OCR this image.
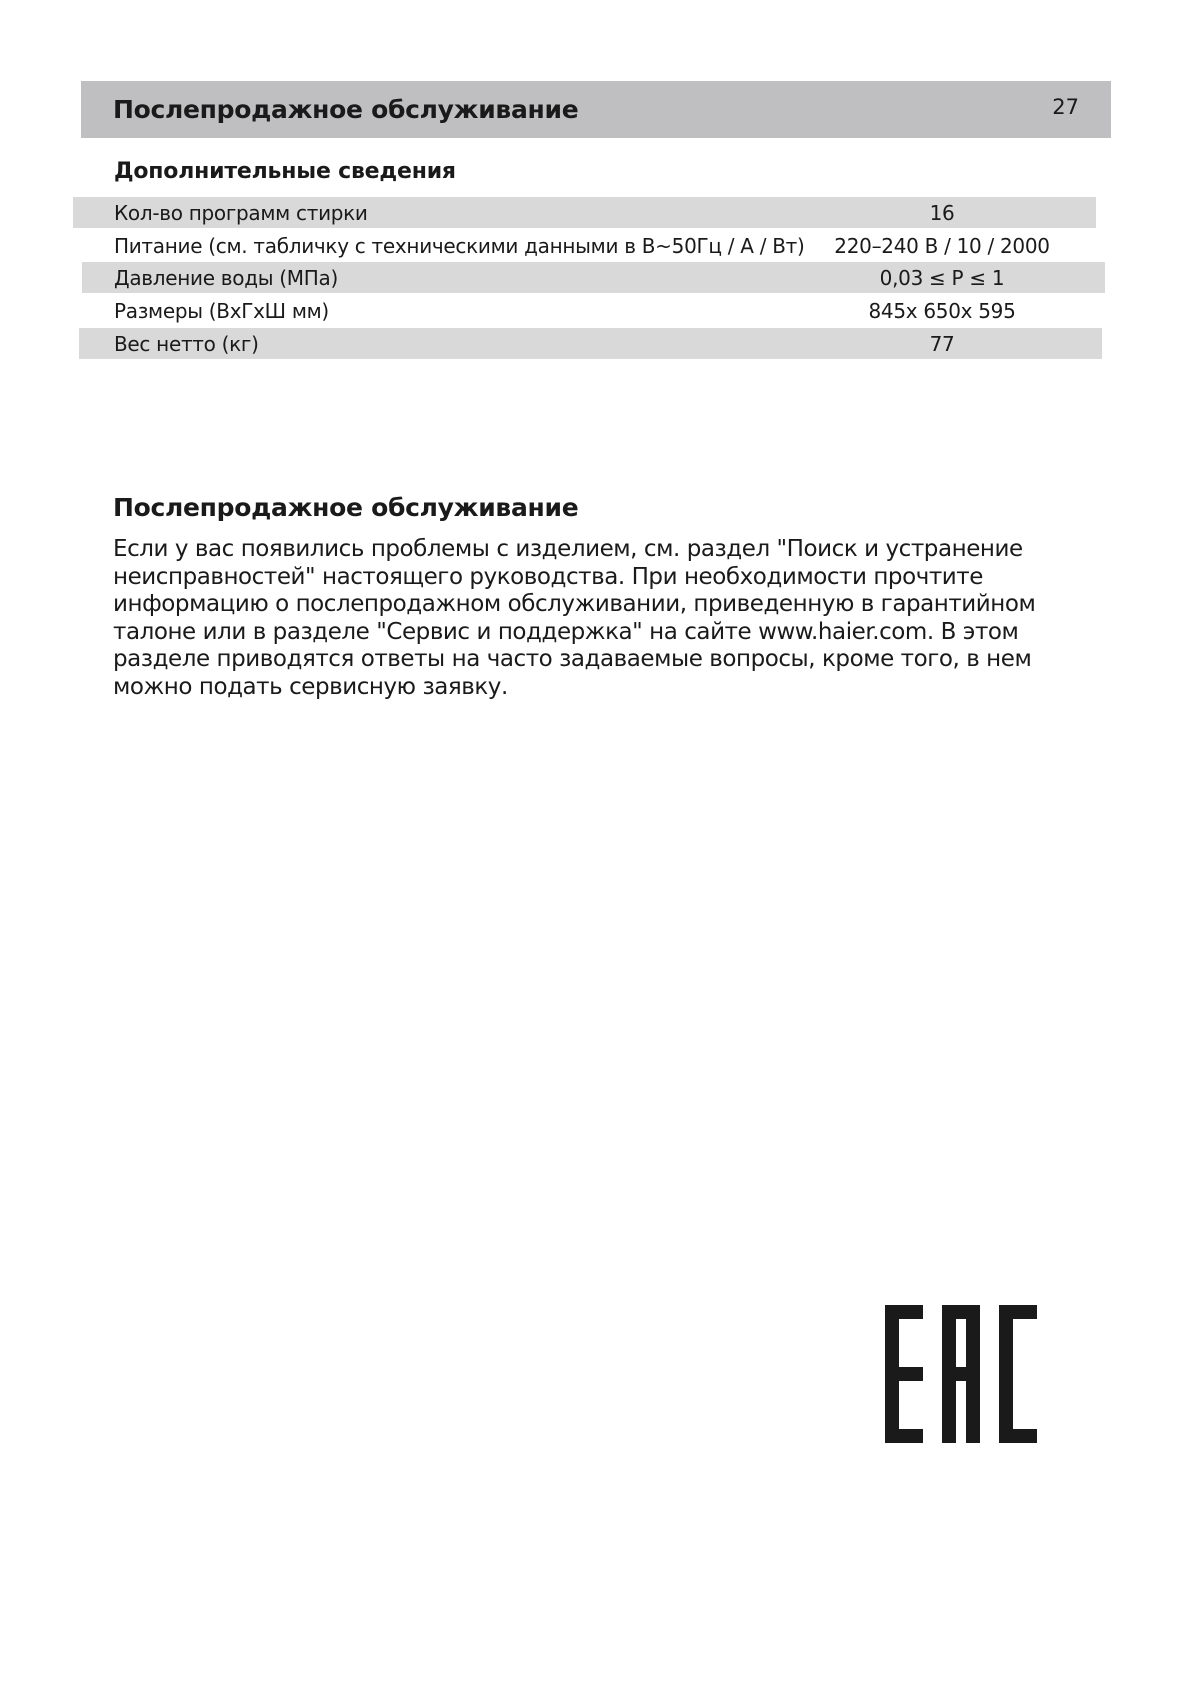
Послепродажное обслуживание	27
Дополнительные сведения
Кол-во программ стирки	16
Питание (см. табличку с техническими данными в В~50Гц / А / Вт)	220–240 В / 10 / 2000
Давление воды (МПа)	0,03 ≤ P ≤ 1
Размеры (ВхГхШ мм)	845х 650х 595
Вес нетто (кг)	77
Послепродажное обслуживание
Если у вас появились проблемы с изделием, см. раздел "Поиск и устранение
неисправностей" настоящего руководства. При необходимости прочтите
информацию о послепродажном обслуживании, приведенную в гарантийном
талоне или в разделе "Сервис и поддержка" на сайте www.haier.com. В этом
разделе приводятся ответы на часто задаваемые вопросы, кроме того, в нем
можно подать сервисную заявку.
